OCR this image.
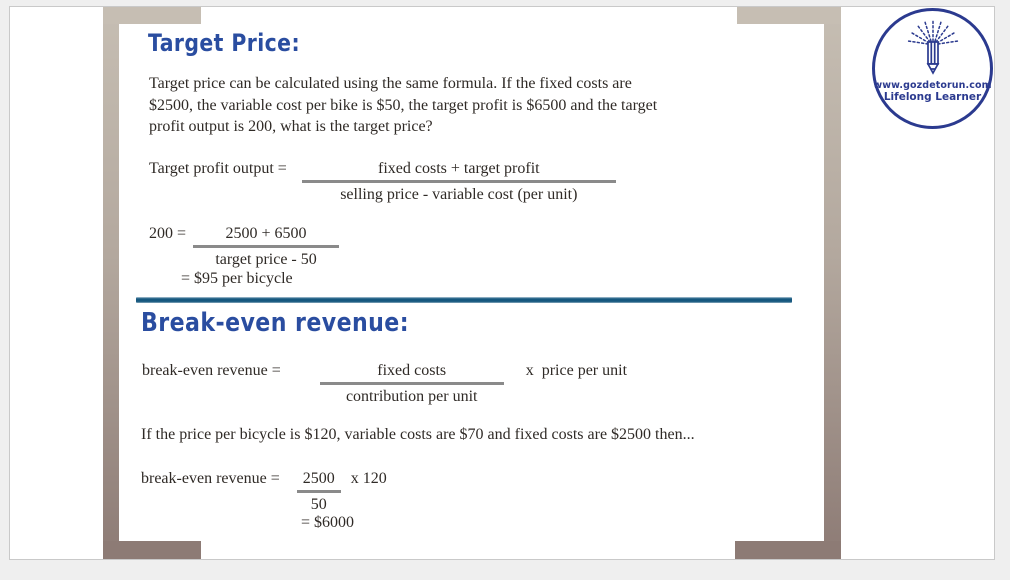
www.gozdetorun.com
Lifelong Learner
Target Price:
Target price can be calculated using the same formula. If the fixed costs are
$2500, the variable cost per bike is $50, the target profit is $6500 and the target
profit output is 200, what is the target price?
Target profit output = $\frac{\text{fixed costs + target profit}}{\text{selling price - variable cost (per unit)}}$
$200 = \frac{2500 + 6500}{\text{target price - 50}}$
= $95 per bicycle
Break-even revenue:
break-even revenue = $\frac{\text{fixed costs}}{\text{contribution per unit}}$ x  price per unit
If the price per bicycle is $120, variable costs are $70 and fixed costs are $2500 then...
break-even revenue = $\frac{2500}{50}$ x 120
= $6000
